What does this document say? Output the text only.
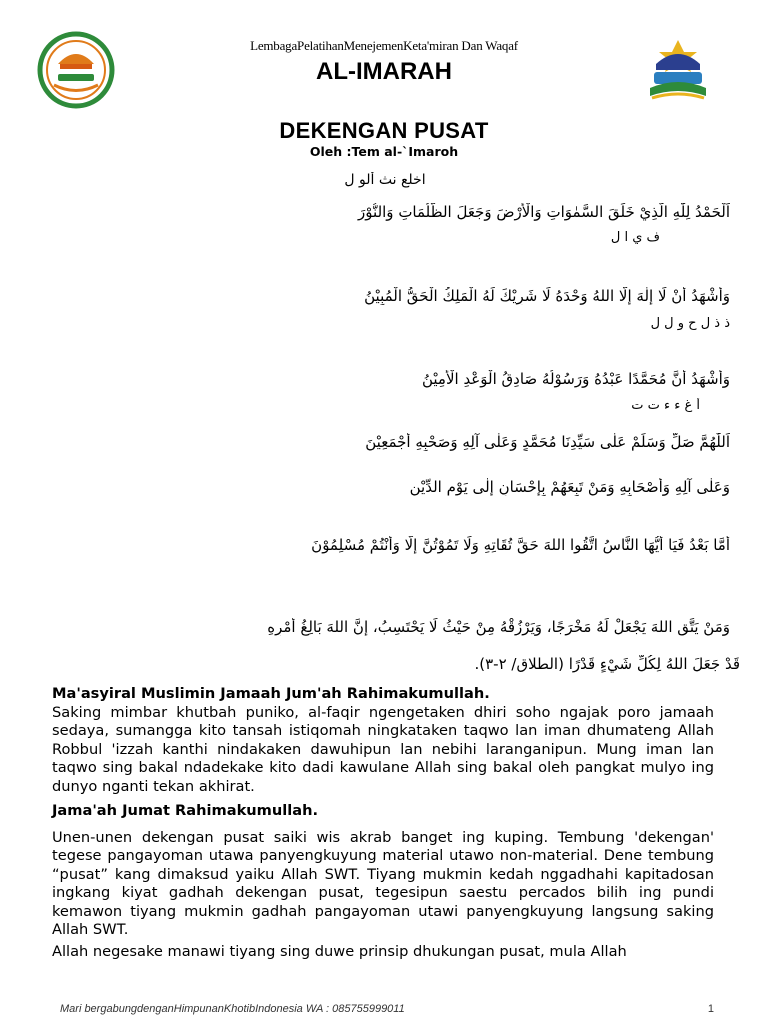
LembagaPelatihanMenejemenKeta'miran Dan Waqaf
AL-IMARAH
DEKENGAN PUSAT
Oleh :Tem al-`Imaroh
اخلع نث ألو ل
اَلْحَمْدُ لِلّٰهِ الَّذِيْ خَلَقَ السَّمٰوَاتِ وَالْأَرْضَ وَجَعَلَ الظُّلُمَاتِ وَالنُّوْرَ
ف ي ا ل
وَأَشْهَدُ أَنْ لَا إِلٰهَ إِلَّا اللهُ وَحْدَهُ لَا شَرِيْكَ لَهُ الْمَلِكُ الْحَقُّ الْمُبِيْنُ
ذ ذ ل ح و ل ل
وَأَشْهَدُ أَنَّ مُحَمَّدًا عَبْدُهُ وَرَسُوْلُهُ صَادِقُ الْوَعْدِ الْأَمِيْنُ
أ غ ء ء ت ت
اَللّٰهُمَّ صَلِّ وَسَلِّمْ عَلٰى سَيِّدِنَا مُحَمَّدٍ وَعَلٰى آلِهِ وَصَحْبِهِ أَجْمَعِيْنَ
وَعَلٰى آلِهِ وَأَصْحَابِهِ وَمَنْ تَبِعَهُمْ بِإِحْسَانٍ إِلٰى يَوْمِ الدِّيْنِ
أَمَّا بَعْدُ فَيَا أَيُّهَا النَّاسُ اتَّقُوا اللهَ حَقَّ تُقَاتِهِ وَلَا تَمُوْتُنَّ إِلَّا وَأَنْتُمْ مُسْلِمُوْنَ
وَمَنْ يَتَّقِ اللهَ يَجْعَلْ لَهُ مَخْرَجًا، وَيَرْزُقْهُ مِنْ حَيْثُ لَا يَحْتَسِبُ، إِنَّ اللهَ بَالِغُ أَمْرِهِ
قَدْ جَعَلَ اللهُ لِكُلِّ شَيْءٍ قَدْرًا (الطلاق/ ٢-٣).

Ma'asyiral Muslimin Jamaah Jum'ah Rahimakumullah.

Saking mimbar khutbah puniko, al-faqir ngengetaken dhiri soho ngajak poro jamaah sedaya, sumangga kito tansah istiqomah ningkataken taqwo lan iman dhumateng Allah Robbul 'izzah kanthi nindakaken dawuhipun lan nebihi laranganipun. Mung iman lan taqwo sing bakal ndadekake kito dadi kawulane Allah sing bakal oleh pangkat mulyo ing dunyo nganti tekan akhirat.

Jama'ah Jumat Rahimakumullah.

Unen-unen dekengan pusat saiki wis akrab banget ing kuping. Tembung 'dekengan' tegese pangayoman utawa panyengkuyung material utawo non-material. Dene tembung “pusat” kang dimaksud yaiku Allah SWT. Tiyang mukmin kedah nggadhahi kapitadosan ingkang kiyat gadhah dekengan pusat, tegesipun saestu percados bilih ing pundi kemawon tiyang mukmin gadhah pangayoman utawi panyengkuyung langsung saking Allah SWT.

Allah negesake manawi tiyang sing duwe prinsip dhukungan pusat, mula Allah
Mari bergabungdenganHimpunanKhotibIndonesia WA : 085755999011	1
